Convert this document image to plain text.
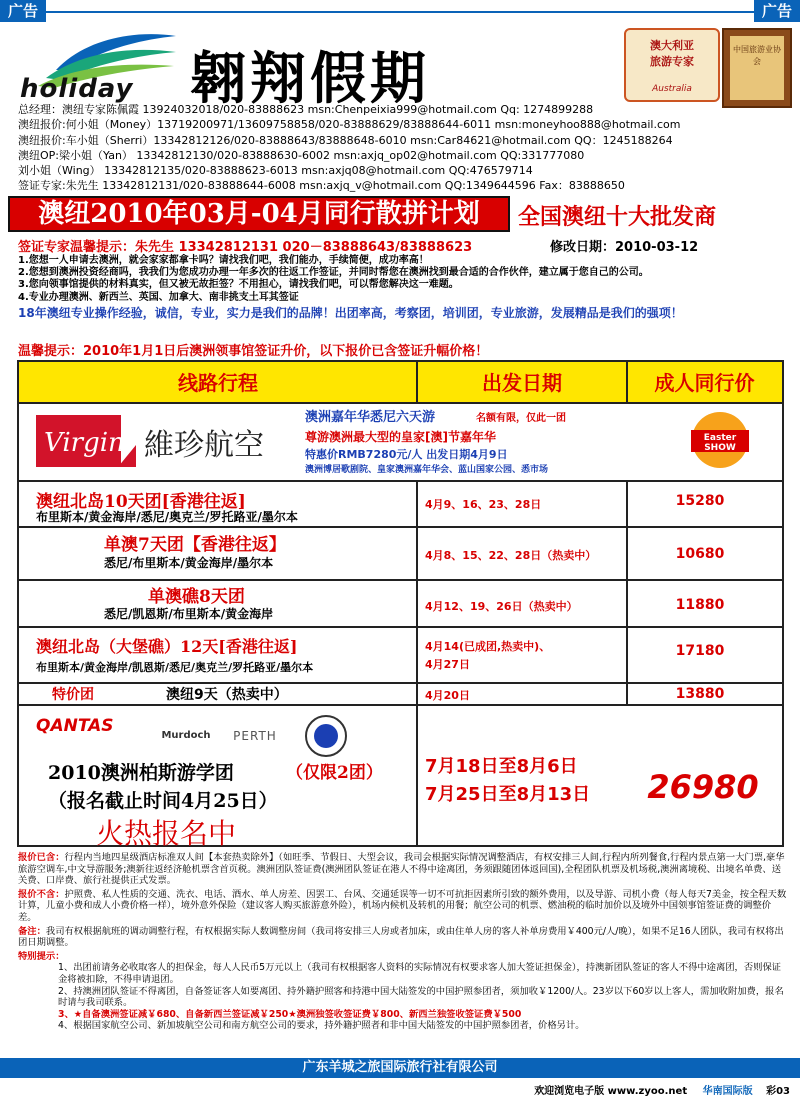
广告	广告
holiday 翱翔假期
澳大利亚
旅游专家
Australia
中国旅游业协会
总经理：澳纽专家陈佩霞 13924032018/020-83888623 msn:Chenpeixia999@hotmail.com Qq: 1274899288
澳纽报价:何小姐（Money）13719200971/13609758858/020-83888629/83888644-6011 msn:moneyhoo888@hotmail.com
澳纽报价:车小姐（Sherri）13342812126/020-83888643/83888648-6010 msn:Car84621@hotmail.com QQ：1245188264
澳纽OP:梁小姐（Yan） 13342812130/020-83888630-6002 msn:axjq_op02@hotmail.com QQ:331777080
刘小姐（Wing） 13342812135/020-83888623-6013 msn:axjq08@hotmail.com QQ:476579714
签证专家:朱先生 13342812131/020-83888644-6008 msn:axjq_v@hotmail.com QQ:1349644596 Fax：83888650
澳纽2010年03月-04月同行散拼计划	全国澳纽十大批发商
签证专家温馨提示：朱先生 13342812131 020－83888643/83888623	修改日期：2010-03-12
1.您想一人申请去澳洲，就会家家都拿卡吗？请找我们吧，我们能办，手续简便，成功率高！
2.您想到澳洲投资经商吗，我我们为您成功办理一年多次的往返工作签证，并同时帮您在澳洲找到最合适的合作伙伴，建立属于您自己的公司。
3.您向领事馆提供的材料真实，但又被无故拒签？不用担心，请找我们吧，可以帮您解决这一难题。
4.专业办理澳洲、新西兰、英国、加拿大、南非挑支土耳其签证
18年澳纽专业操作经验，诚信，专业，实力是我们的品牌！出团率高，考察团，培训团，专业旅游，发展精品是我们的强项！
温馨提示：2010年1月1日后澳洲领事馆签证升价，以下报价已含签证升幅价格！
线路行程	出发日期	成人同行价
Virgin 維珍航空
澳洲嘉年华悉尼六天游	名额有限，仅此一团
尊游澳洲最大型的皇家[澳]节嘉年华
特惠价RMB7280元/人 出发日期4月9日
澳洲博居歌剧院、皇家澳洲嘉年华会、蓝山国家公园、悉市场
Easter
SHOW
澳纽北岛10天团[香港往返]
布里斯本/黄金海岸/悉尼/奥克兰/罗托路亚/墨尔本
4月9、16、23、28日	15280
单澳7天团【香港往返】
悉尼/布里斯本/黄金海岸/墨尔本
4月8、15、22、28日（热卖中）	10680
单澳礁8天团
悉尼/凯恩斯/布里斯本/黄金海岸
4月12、19、26日（热卖中）	11880
澳纽北岛（大堡礁）12天[香港往返]
布里斯本/黄金海岸/凯恩斯/悉尼/奥克兰/罗托路亚/墨尔本
4月14(已成团,热卖中)、
4月27日
17180
特价团	澳纽9天（热卖中）	4月20日	13880
QANTAS	Murdoch	PERTH
2010澳洲柏斯游学团	（仅限2团）
（报名截止时间4月25日）
火热报名中
7月18日至8月6日
7月25日至8月13日	26980
报价已含：行程内当地四星级酒店标准双人间【本套热卖除外】（如旺季、节假日、大型会议，我司会根据实际情况调整酒店，有权安排三人间,行程内所列餐食,行程内景点第一大门票,豪华旅游空调车,中文导游服务;澳新往返经济舱机票含首页税。澳洲团队签证费(澳洲团队签证在港人不得中途离团，务须跟随团体返回国),全程团队机票及机场税,澳洲离境税、出境名单费、送关费、口岸费、旅行社提供正式发票。
报价不含：护照费、私人性质的交通、洗衣、电话、酒水、单人房差、因罢工、台风、交通延误等一切不可抗拒因素所引致的额外费用，以及导游、司机小费（每人每天7美金，按全程天数计算，儿童小费和成人小费价格一样），境外意外保险（建议客人购买旅游意外险），机场内候机及转机的用餐；航空公司的机票、燃油税的临时加价以及境外中国领事馆签证费的调整价差。
备注：我司有权根据航班的调动调整行程，有权根据实际人数调整房间（我司将安排三人房或者加床，或由住单人房的客人补单房费用￥400元/人/晚），如果不足16人团队，我司有权将出团日期调整。
特别提示：
1、出团前请务必收取客人的担保金，每人人民币5万元以上（我司有权根据客人资料的实际情况有权要求客人加大签证担保金），持澳新团队签证的客人不得中途离团，否则保证金将被扣除，不得申请退团。
2、持澳洲团队签证不得离团，自备签证客人如要离团、持外籍护照客和持港中国大陆签发的中国护照参团者，须加收￥1200/人。23岁以下60岁以上客人，需加收附加费，报名时请与我司联系。
3、★自备澳洲签证减￥680、自备新西兰签证减￥250★澳洲独签收签证费￥800、新西兰独签收签证费￥500
4、根据国家航空公司、新加坡航空公司和南方航空公司的要求，持外籍护照者和非中国大陆签发的中国护照参团者，价格另计。
广东羊城之旅国际旅行社有限公司
欢迎浏览电子版 www.zyoo.net 华南国际版 彩03
